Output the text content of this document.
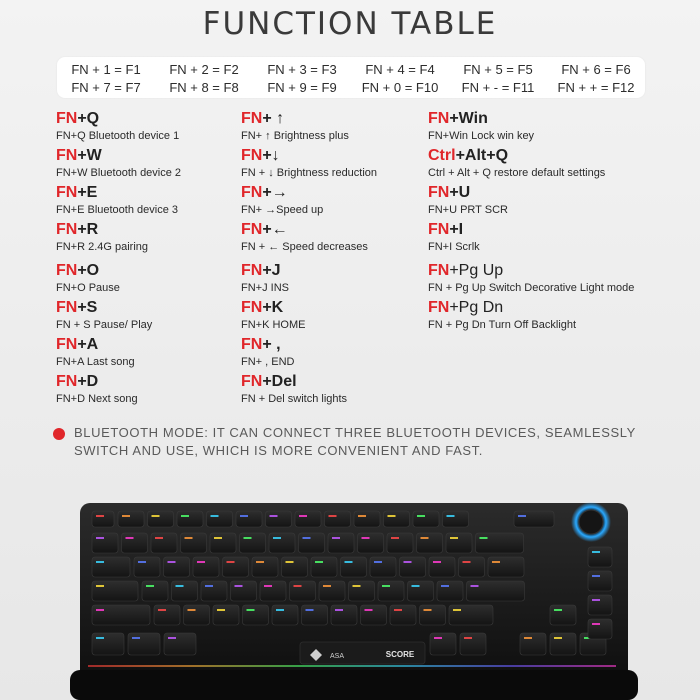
FUNCTION TABLE
FN + 1 = F1	FN + 2 = F2	FN + 3 = F3	FN + 4 = F4	FN + 5 = F5	FN + 6 = F6
FN + 7 = F7	FN + 8 = F8	FN + 9 = F9	FN + 0 = F10	FN + - = F11	FN + + = F12
FN+Q
FN+Q Bluetooth device 1
FN+W
FN+W Bluetooth device 2
FN+E
FN+E Bluetooth device 3
FN+R
FN+R 2.4G pairing
FN+O
FN+O Pause
FN+S
FN + S Pause/ Play
FN+A
FN+A Last song
FN+D
FN+D Next song
FN+ ↑
FN+ ↑ Brightness plus
FN+↓
FN + ↓ Brightness reduction
FN+→
FN+ →Speed up
FN+←
FN + ← Speed decreases
FN+J
FN+J INS
FN+K
FN+K HOME
FN+ ,
FN+ , END
FN+Del
FN + Del switch lights
FN+Win
FN+Win Lock win key
Ctrl+Alt+Q
Ctrl + Alt + Q restore default settings
FN+U
FN+U PRT SCR
FN+I
FN+I Scrlk
FN+Pg Up
FN + Pg Up Switch Decorative Light mode
FN+Pg Dn
FN + Pg Dn Turn Off Backlight
BLUETOOTH MODE: IT CAN CONNECT THREE BLUETOOTH DEVICES, SEAMLESSLY SWITCH AND USE, WHICH IS MORE CONVENIENT AND FAST.
ASA	SCORE
